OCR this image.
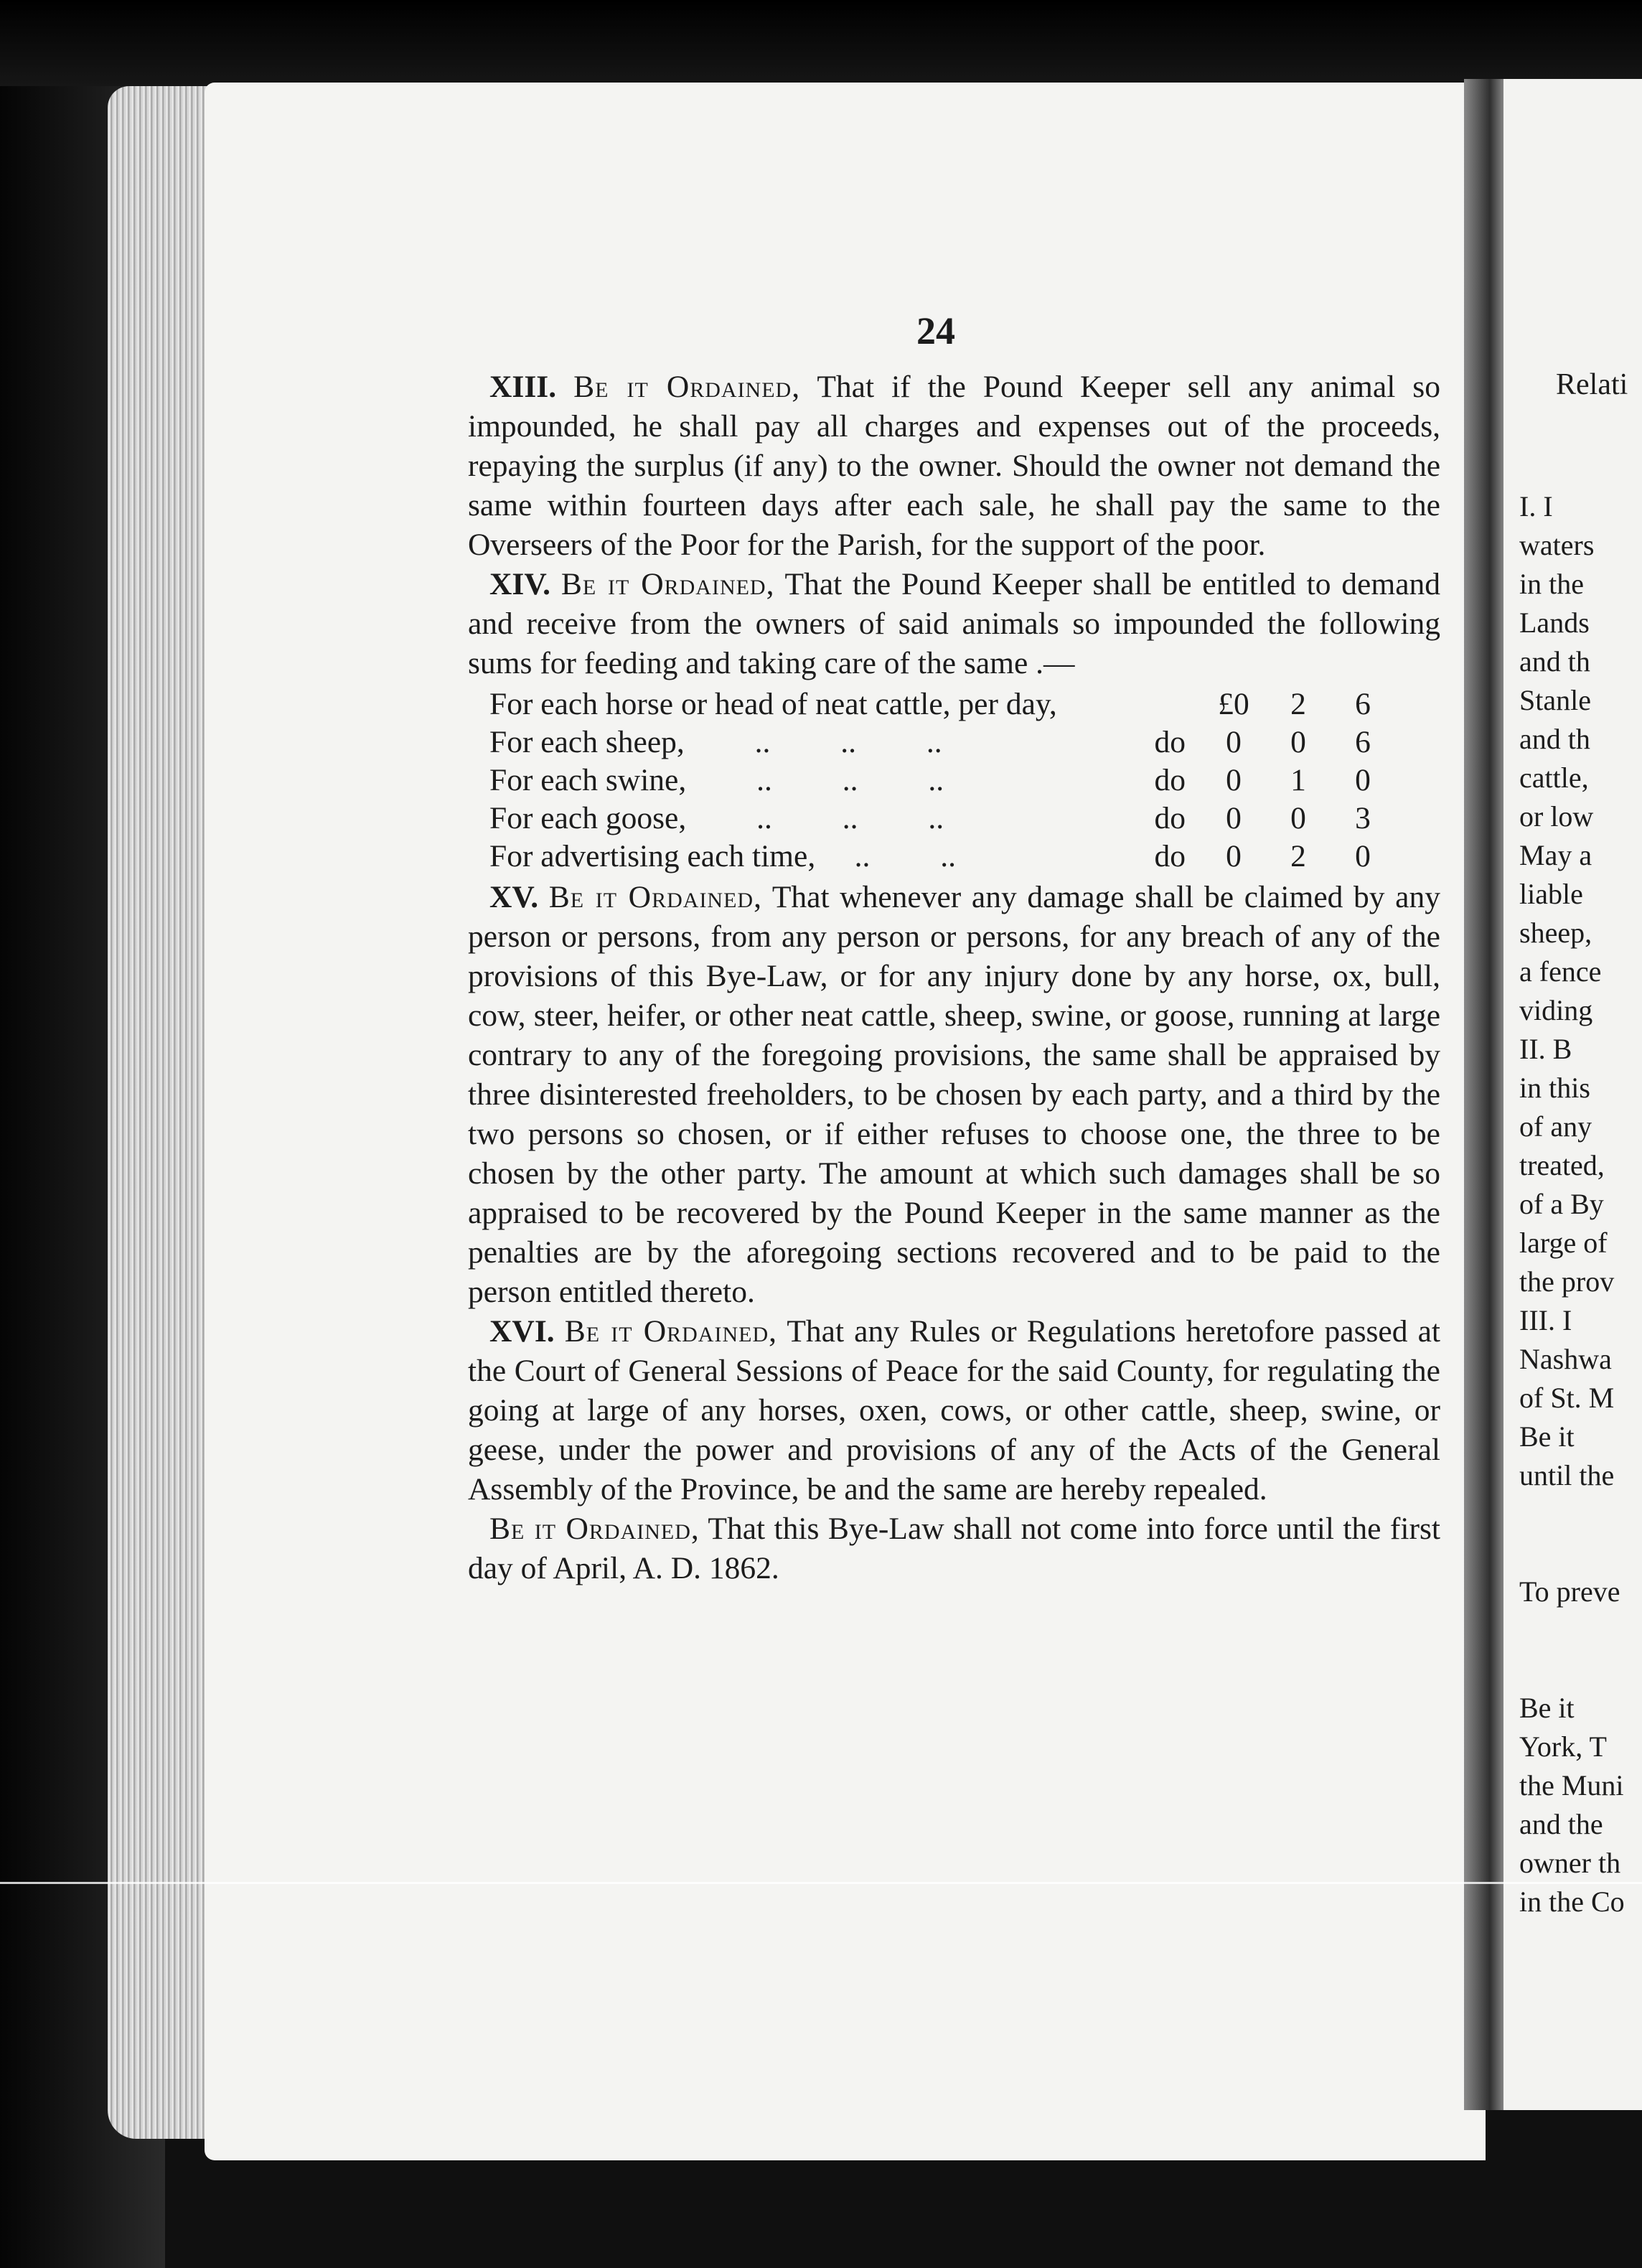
24

XIII. Be it Ordained, That if the Pound Keeper sell any animal so impounded, he shall pay all charges and expenses out of the proceeds, repaying the surplus (if any) to the owner. Should the owner not demand the same within fourteen days after each sale, he shall pay the same to the Overseers of the Poor for the Parish, for the support of the poor.

XIV. Be it Ordained, That the Pound Keeper shall be entitled to demand and receive from the owners of said animals so impounded the following sums for feeding and taking care of the same .—

For each horse or head of neat cattle, per day,	£0	2	6
For each sheep,   ..   ..   ..	do	0	0	6
For each swine,   ..   ..   ..	do	0	1	0
For each goose,   ..   ..   ..	do	0	0	3
For advertising each time,  ..   ..	do	0	2	0

XV. Be it Ordained, That whenever any damage shall be claimed by any person or persons, from any person or persons, for any breach of any of the provisions of this Bye-Law, or for any injury done by any horse, ox, bull, cow, steer, heifer, or other neat cattle, sheep, swine, or goose, running at large contrary to any of the foregoing provisions, the same shall be appraised by three disinterested freeholders, to be chosen by each party, and a third by the two persons so chosen, or if either refuses to choose one, the three to be chosen by the other party. The amount at which such damages shall be so appraised to be recovered by the Pound Keeper in the same manner as the penalties are by the aforegoing sections recovered and to be paid to the person entitled thereto.

XVI. Be it Ordained, That any Rules or Regulations heretofore passed at the Court of General Sessions of Peace for the said County, for regulating the going at large of any horses, oxen, cows, or other cattle, sheep, swine, or geese, under the power and provisions of any of the Acts of the General Assembly of the Province, be and the same are hereby repealed.

Be it Ordained, That this Bye-Law shall not come into force until the first day of April, A. D. 1862.

Relati
I. I
waters
in the
Lands
and th
Stanle
and th
cattle,
or low
May a
liable
sheep,
a fence
viding
II. B
in this
of any
treated,
of a By
large of
the prov
III. I
Nashwa
of St. M
Be it
until the
To preve
Be it
York, T
the Muni
and the
owner th
in the Co
